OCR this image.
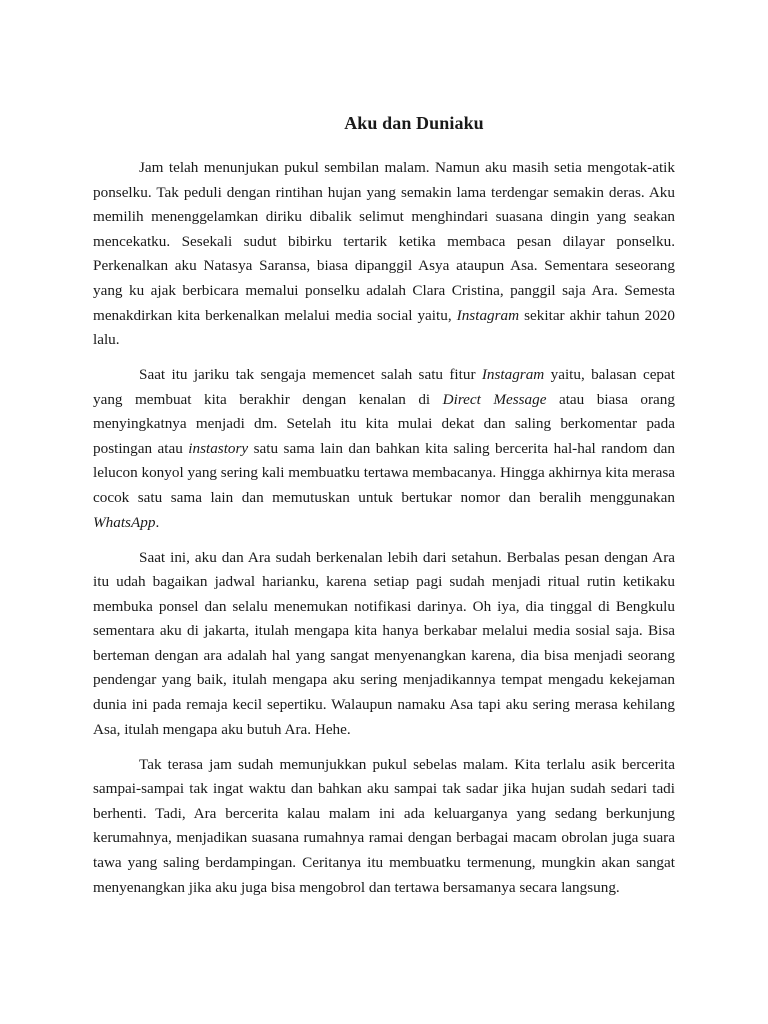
Aku dan Duniaku

Jam telah menunjukan pukul sembilan malam. Namun aku masih setia mengotak-atik ponselku. Tak peduli dengan rintihan hujan yang semakin lama terdengar semakin deras. Aku memilih menenggelamkan diriku dibalik selimut menghindari suasana dingin yang seakan mencekatku. Sesekali sudut bibirku tertarik ketika membaca pesan dilayar ponselku. Perkenalkan aku Natasya Saransa, biasa dipanggil Asya ataupun Asa. Sementara seseorang yang ku ajak berbicara memalui ponselku adalah Clara Cristina, panggil saja Ara. Semesta menakdirkan kita berkenalkan melalui media social yaitu, Instagram sekitar akhir tahun 2020 lalu.

Saat itu jariku tak sengaja memencet salah satu fitur Instagram yaitu, balasan cepat yang membuat kita berakhir dengan kenalan di Direct Message atau biasa orang menyingkatnya menjadi dm. Setelah itu kita mulai dekat dan saling berkomentar pada postingan atau instastory satu sama lain dan bahkan kita saling bercerita hal-hal random dan lelucon konyol yang sering kali membuatku tertawa membacanya. Hingga akhirnya kita merasa cocok satu sama lain dan memutuskan untuk bertukar nomor dan beralih menggunakan WhatsApp.

Saat ini, aku dan Ara sudah berkenalan lebih dari setahun. Berbalas pesan dengan Ara itu udah bagaikan jadwal harianku, karena setiap pagi sudah menjadi ritual rutin ketikaku membuka ponsel dan selalu menemukan notifikasi darinya. Oh iya, dia tinggal di Bengkulu sementara aku di jakarta, itulah mengapa kita hanya berkabar melalui media sosial saja. Bisa berteman dengan ara adalah hal yang sangat menyenangkan karena, dia bisa menjadi seorang pendengar yang baik, itulah mengapa aku sering menjadikannya tempat mengadu kekejaman dunia ini pada remaja kecil sepertiku. Walaupun namaku Asa tapi aku sering merasa kehilang Asa, itulah mengapa aku butuh Ara. Hehe.

Tak terasa jam sudah memunjukkan pukul sebelas malam. Kita terlalu asik bercerita sampai-sampai tak ingat waktu dan bahkan aku sampai tak sadar jika hujan sudah sedari tadi berhenti. Tadi, Ara bercerita kalau malam ini ada keluarganya yang sedang berkunjung kerumahnya, menjadikan suasana rumahnya ramai dengan berbagai macam obrolan juga suara tawa yang saling berdampingan. Ceritanya itu membuatku termenung, mungkin akan sangat menyenangkan jika aku juga bisa mengobrol dan tertawa bersamanya secara langsung.
